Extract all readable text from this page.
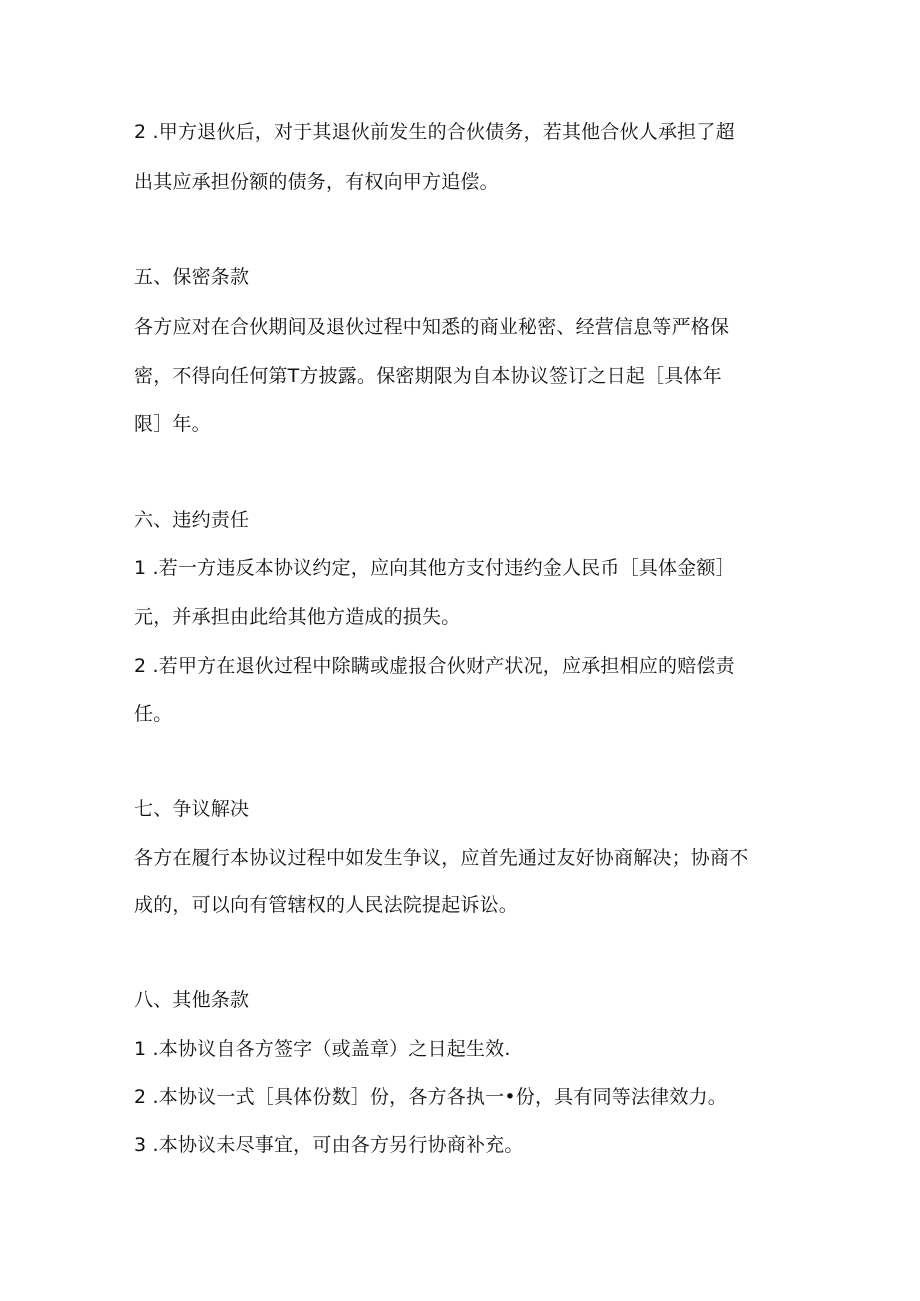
2 .甲方退伙后，对于其退伙前发生的合伙债务，若其他合伙人承担了超
出其应承担份额的债务，有权向甲方追偿。
五、保密条款
各方应对在合伙期间及退伙过程中知悉的商业秘密、经营信息等严格保
密，不得向任何第T方披露。保密期限为自本协议签订之日起［具体年
限］年。
六、违约责任
1 .若一方违反本协议约定，应向其他方支付违约金人民币［具体金额］
元，并承担由此给其他方造成的损失。
2 .若甲方在退伙过程中除瞒或虚报合伙财产状况，应承担相应的赔偿责
任。
七、争议解决
各方在履行本协议过程中如发生争议，应首先通过友好协商解决；协商不
成的，可以向有管辖权的人民法院提起诉讼。
八、其他条款
1 .本协议自各方签字（或盖章）之日起生效.
2 .本协议一式［具体份数］份，各方各执一•份，具有同等法律效力。
3 .本协议未尽事宜，可由各方另行协商补充。
